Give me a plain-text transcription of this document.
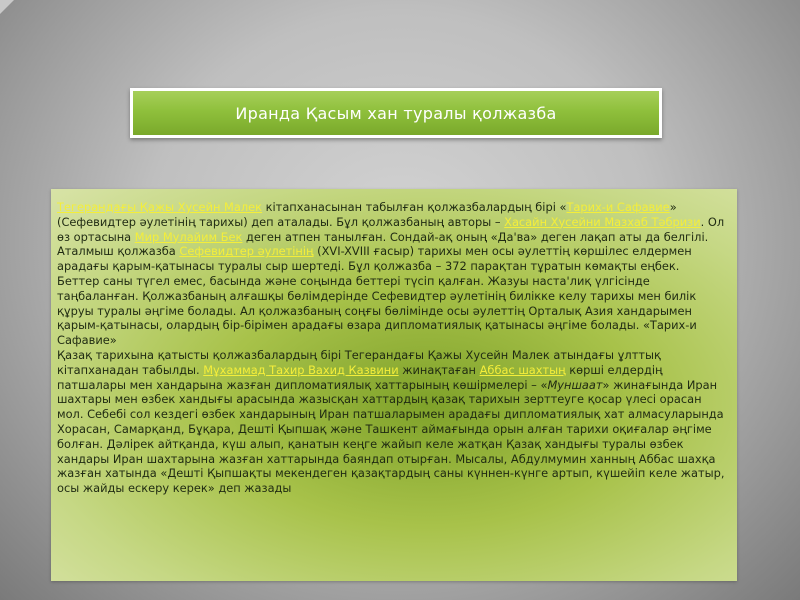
Иранда Қасым хан туралы қолжазба

Тегерандағы Қажы Хусейн Малек кітапханасынан табылған қолжазбалардың бірі «Тарих-и Сафавие» (Сефевидтер әулетінің тарихы) деп аталады. Бұл қолжазбаның авторы – Хасайн Хусейни Мазхаб Тәбризи. Ол өз ортасына Мир Мулайим Бек деген атпен танылған. Сондай-ақ оның «Да'ва» деген лақап аты да белгілі. Аталмыш қолжазба Сефевидтер әулетінің (XVI-XVIII ғасыр) тарихы мен осы әулеттің көршілес елдермен арадағы қарым-қатынасы туралы сыр шертеді. Бұл қолжазба – 372 парақтан тұратын көмақты еңбек. Беттер саны түгел емес, басында және соңында беттері түсіп қалған. Жазуы наста'лиқ үлгісінде таңбаланған. Қолжазбаның алғашқы бөлімдерінде Сефевидтер әулетінің билікке келу тарихы мен билік құруы туралы әңгіме болады. Ал қолжазбаның соңғы бөлімінде осы әулеттің Орталық Азия хандарымен қарым-қатынасы, олардың бір-бірімен арадағы өзара дипломатиялық қатынасы әңгіме болады. «Тарих-и Сафавие»

Қазақ тарихына қатысты қолжазбалардың бірі Тегерандағы Қажы Хусейн Малек атындағы ұлттық кітапханадан табылды. Мұхаммад Тахир Вахид Казвини жинақтаған Аббас шахтың көрші елдердің патшалары мен хандарына жазған дипломатиялық хаттарының көшірмелері – «Муншаат» жинағында Иран шахтары мен өзбек хандығы арасында жазысқан хаттардың қазақ тарихын зерттеуге қосар үлесі орасан мол. Себебі сол кездегі өзбек хандарының Иран патшаларымен арадағы дипломатиялық хат алмасуларында Хорасан, Самарқанд, Бұқара, Дешті Қыпшақ және Ташкент аймағында орын алған тарихи оқиғалар әңгіме болған. Дәлірек айтқанда, күш алып, қанатын кеңге жайып келе жатқан Қазақ хандығы туралы өзбек хандары Иран шахтарына жазған хаттарында баяндап отырған. Мысалы, Абдулмумин ханның Аббас шахқа жазған хатында «Дешті Қыпшақты мекендеген қазақтардың саны күннен-күнге артып, күшейіп келе жатыр, осы жайды ескеру керек» деп жазады
